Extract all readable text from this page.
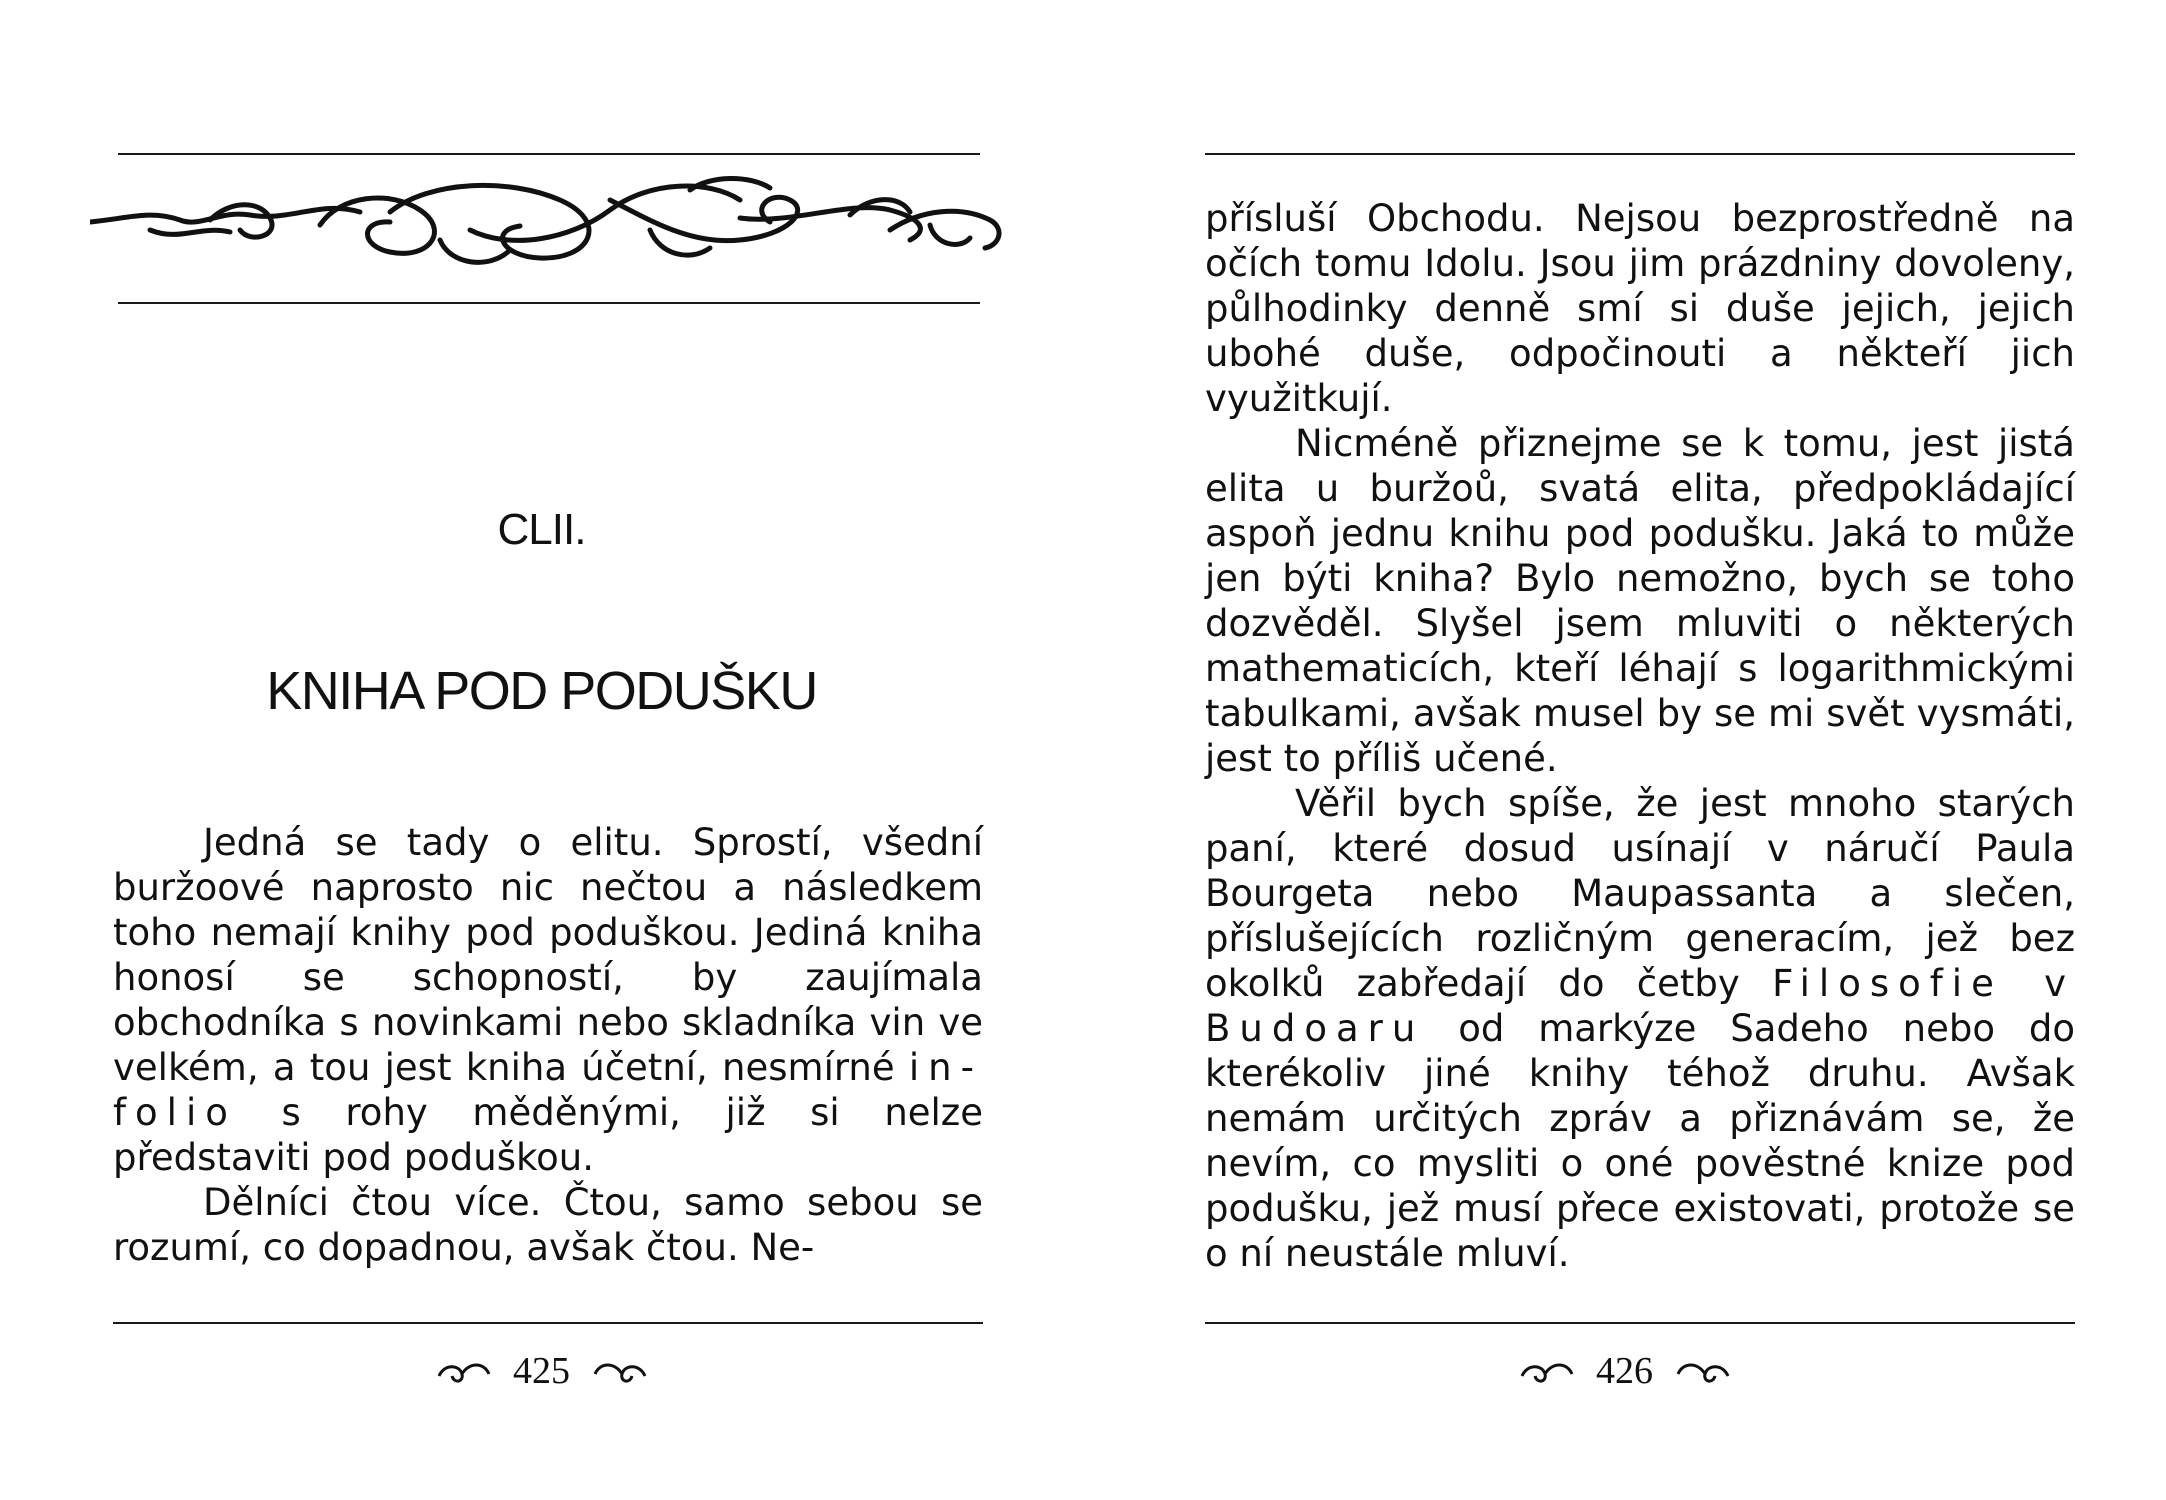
CLII.
KNIHA POD PODUŠKU

Jedná se tady o elitu. Sprostí, všední buržoové naprosto nic nečtou a následkem toho nemají knihy pod poduškou. Jediná kniha honosí se schopností, by zaujímala obchodníka s novinkami nebo skladníka vin ve velkém, a tou jest kniha účetní, nesmírné in-folio s rohy měděnými, již si nelze představiti pod poduškou.

Dělníci čtou více. Čtou, samo sebou se rozumí, co dopadnou, avšak čtou. Ne-

425

přísluší Obchodu. Nejsou bezprostředně na očích tomu Idolu. Jsou jim prázdniny dovoleny, půlhodinky denně smí si duše jejich, jejich ubohé duše, odpočinouti a někteří jich využitkují.

Nicméně přiznejme se k tomu, jest jistá elita u buržoů, svatá elita, předpokládající aspoň jednu knihu pod podušku. Jaká to může jen býti kniha? Bylo nemožno, bych se toho dozvěděl. Slyšel jsem mluviti o některých mathematicích, kteří léhají s logarithmickými tabulkami, avšak musel by se mi svět vysmáti, jest to příliš učené.

Věřil bych spíše, že jest mnoho starých paní, které dosud usínají v náručí Paula Bourgeta nebo Maupassanta a slečen, příslušejících rozličným generacím, jež bez okolků zabředají do četby Filosofie v Budoaru od markýze Sadeho nebo do kterékoliv jiné knihy téhož druhu. Avšak nemám určitých zpráv a přiznávám se, že nevím, co mysliti o oné pověstné knize pod podušku, jež musí přece existovati, protože se o ní neustále mluví.

426
